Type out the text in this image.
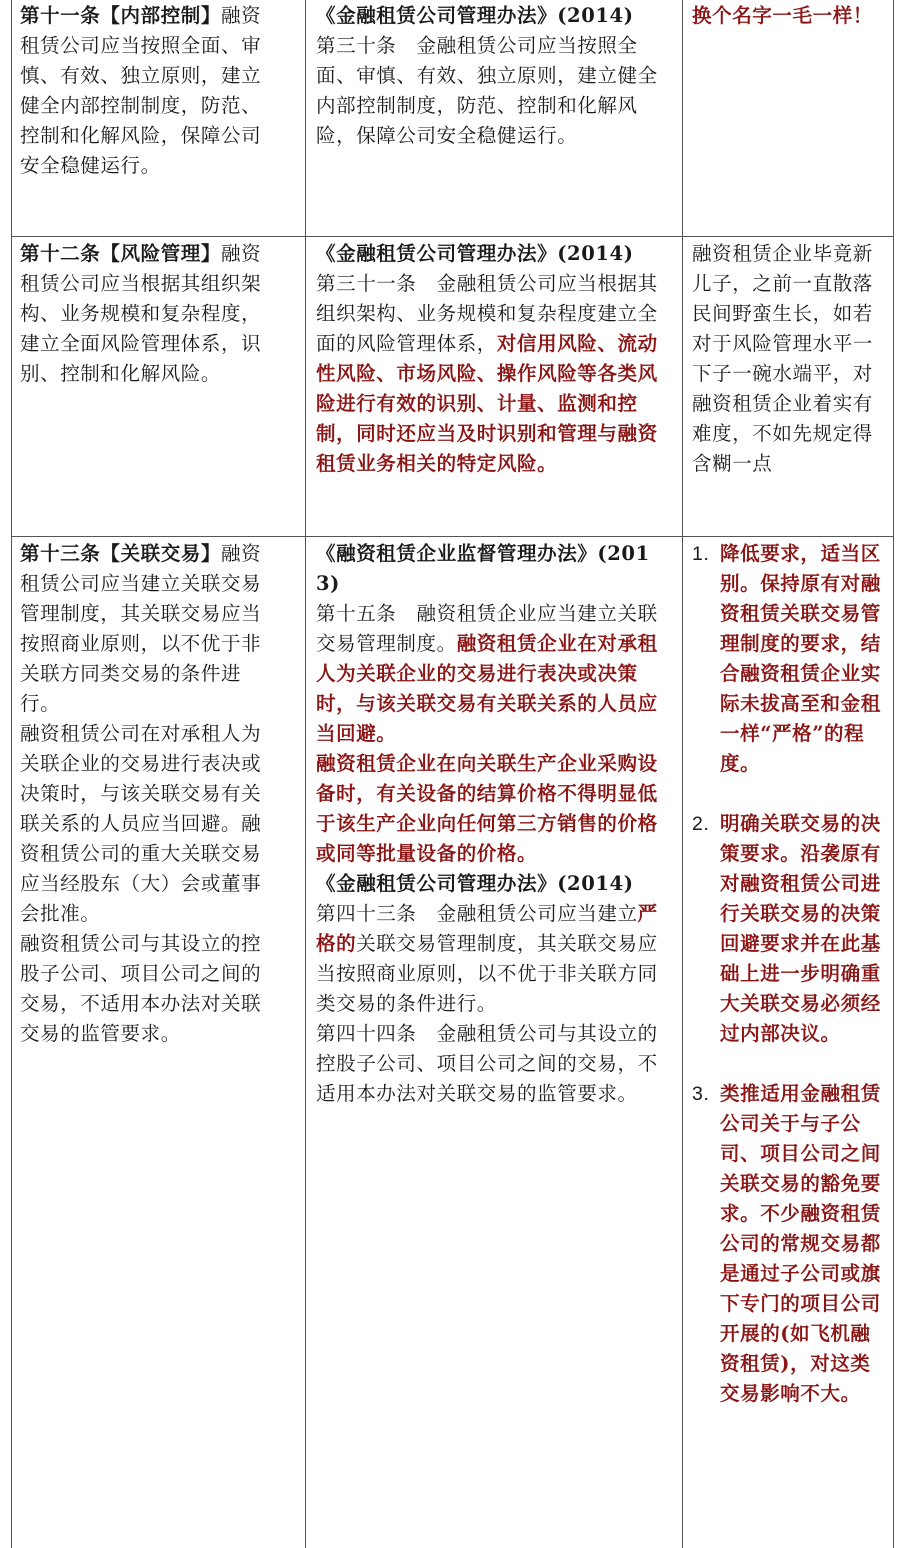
第十一条【内部控制】融资租赁公司应当按照全面、审慎、有效、独立原则，建立健全内部控制制度，防范、控制和化解风险，保障公司安全稳健运行。
《金融租赁公司管理办法》(2014)
第三十条　金融租赁公司应当按照全面、审慎、有效、独立原则，建立健全内部控制制度，防范、控制和化解风险，保障公司安全稳健运行。
换个名字一毛一样！
第十二条【风险管理】融资租赁公司应当根据其组织架构、业务规模和复杂程度，建立全面风险管理体系，识别、控制和化解风险。
《金融租赁公司管理办法》(2014)
第三十一条　金融租赁公司应当根据其组织架构、业务规模和复杂程度建立全面的风险管理体系，对信用风险、流动性风险、市场风险、操作风险等各类风险进行有效的识别、计量、监测和控制，同时还应当及时识别和管理与融资租赁业务相关的特定风险。
融资租赁企业毕竟新儿子，之前一直散落民间野蛮生长，如若对于风险管理水平一下子一碗水端平，对融资租赁企业着实有难度，不如先规定得含糊一点

第十三条【关联交易】融资租赁公司应当建立关联交易管理制度，其关联交易应当按照商业原则，以不优于非关联方同类交易的条件进行。

融资租赁公司在对承租人为关联企业的交易进行表决或决策时，与该关联交易有关联关系的人员应当回避。融资租赁公司的重大关联交易应当经股东（大）会或董事会批准。

融资租赁公司与其设立的控股子公司、项目公司之间的交易，不适用本办法对关联交易的监管要求。

《融资租赁企业监督管理办法》(2013)

第十五条　融资租赁企业应当建立关联交易管理制度。融资租赁企业在对承租人为关联企业的交易进行表决或决策时，与该关联交易有关联关系的人员应当回避。

融资租赁企业在向关联生产企业采购设备时，有关设备的结算价格不得明显低于该生产企业向任何第三方销售的价格或同等批量设备的价格。

《金融租赁公司管理办法》(2014)

第四十三条　金融租赁公司应当建立严格的关联交易管理制度，其关联交易应当按照商业原则，以不优于非关联方同类交易的条件进行。

第四十四条　金融租赁公司与其设立的控股子公司、项目公司之间的交易，不适用本办法对关联交易的监管要求。

1. 降低要求，适当区别。保持原有对融资租赁关联交易管理制度的要求，结合融资租赁企业实际未拔高至和金租一样“严格”的程度。
2. 明确关联交易的决策要求。沿袭原有对融资租赁公司进行关联交易的决策回避要求并在此基础上进一步明确重大关联交易必须经过内部决议。
3. 类推适用金融租赁公司关于与子公司、项目公司之间关联交易的豁免要求。不少融资租赁公司的常规交易都是通过子公司或旗下专门的项目公司开展的(如飞机融资租赁)，对这类交易影响不大。
